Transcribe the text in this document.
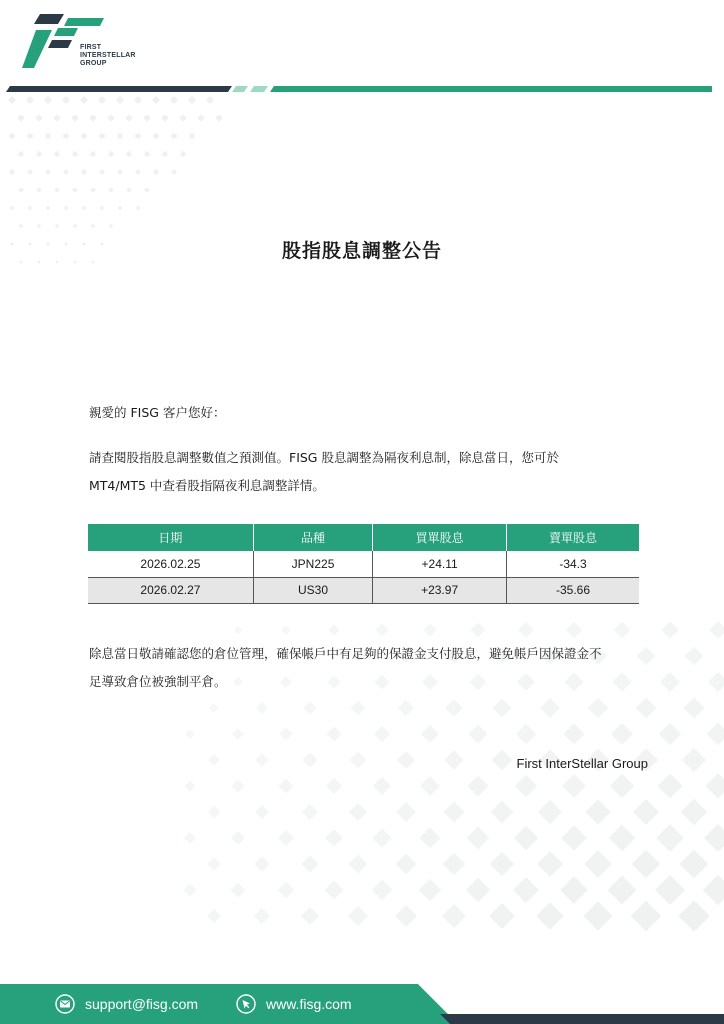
FIRST
INTERSTELLAR
GROUP
股指股息調整公告
親愛的 FISG 客户您好：
請查閱股指股息調整數值之預測值。FISG 股息調整為隔夜利息制，除息當日，您可於
MT4/MT5 中查看股指隔夜利息調整詳情。
日期	品種	買單股息	賣單股息
2026.02.25	JPN225	+24.11	-34.3
2026.02.27	US30	+23.97	-35.66
除息當日敬請確認您的倉位管理，確保帳戶中有足夠的保證金支付股息，避免帳戶因保證金不
足導致倉位被強制平倉。
First InterStellar Group
support@fisg.com	www.fisg.com
